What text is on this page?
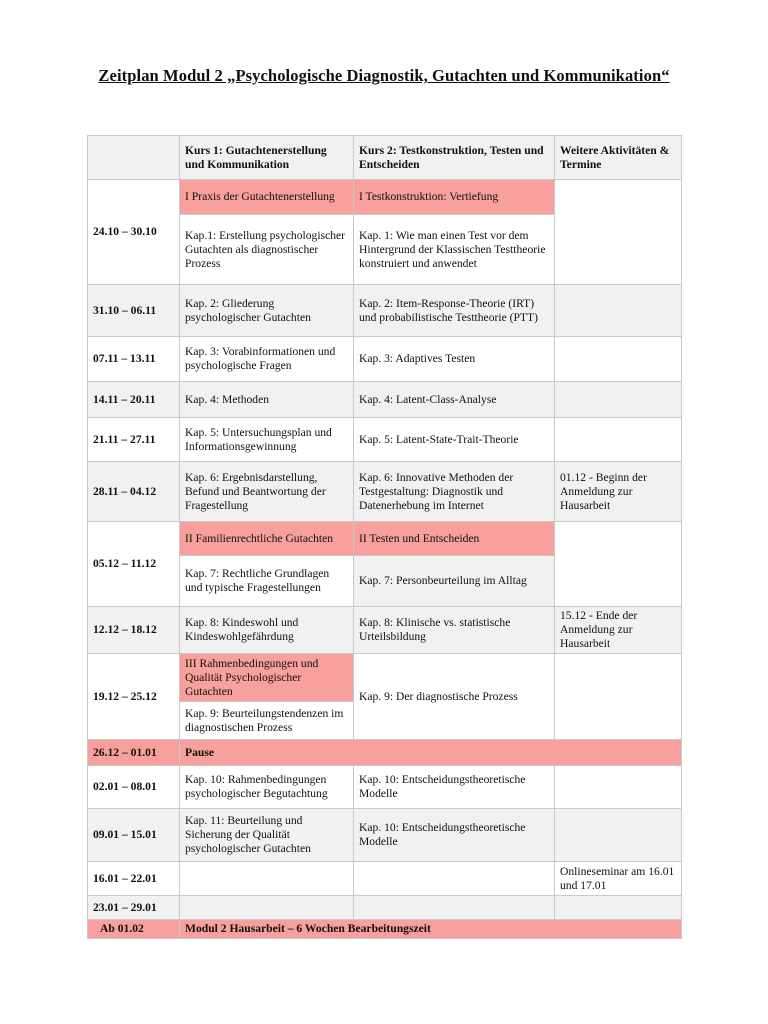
Zeitplan Modul 2 „Psychologische Diagnostik, Gutachten und Kommunikation“
	Kurs 1: Gutachtenerstellung und Kommunikation	Kurs 2: Testkonstruktion, Testen und Entscheiden	Weitere Aktivitäten & Termine
24.10 – 30.10	I Praxis der Gutachtenerstellung	I Testkonstruktion: Vertiefung	
	Kap.1: Erstellung psychologischer Gutachten als diagnostischer Prozess	Kap. 1: Wie man einen Test vor dem Hintergrund der Klassischen Testtheorie konstruiert und anwendet	
31.10 – 06.11	Kap. 2: Gliederung psychologischer Gutachten	Kap. 2: Item-Response-Theorie (IRT) und probabilistische Testtheorie (PTT)	
07.11 – 13.11	Kap. 3: Vorabinformationen und psychologische Fragen	Kap. 3: Adaptives Testen	
14.11 – 20.11	Kap. 4: Methoden	Kap. 4: Latent-Class-Analyse	
21.11 – 27.11	Kap. 5: Untersuchungsplan und Informationsgewinnung	Kap. 5: Latent-State-Trait-Theorie	
28.11 – 04.12	Kap. 6: Ergebnisdarstellung, Befund und Beantwortung der Fragestellung	Kap. 6: Innovative Methoden der Testgestaltung: Diagnostik und Datenerhebung im Internet	01.12 - Beginn der Anmeldung zur Hausarbeit
05.12 – 11.12	II Familienrechtliche Gutachten	II Testen und Entscheiden	
	Kap. 7: Rechtliche Grundlagen und typische Fragestellungen	Kap. 7: Personbeurteilung im Alltag	
12.12 – 18.12	Kap. 8: Kindeswohl und Kindeswohlgefährdung	Kap. 8: Klinische vs. statistische Urteilsbildung	15.12 - Ende der Anmeldung zur Hausarbeit
19.12 – 25.12	III Rahmenbedingungen und Qualität Psychologischer Gutachten	Kap. 9: Der diagnostische Prozess	
	Kap. 9: Beurteilungstendenzen im diagnostischen Prozess		
26.12 – 01.01	Pause		
02.01 – 08.01	Kap. 10: Rahmenbedingungen psychologischer Begutachtung	Kap. 10: Entscheidungstheoretische Modelle	
09.01 – 15.01	Kap. 11: Beurteilung und Sicherung der Qualität psychologischer Gutachten	Kap. 10: Entscheidungstheoretische Modelle	
16.01 – 22.01			Onlineseminar am 16.01 und 17.01
23.01 – 29.01			
Ab 01.02	Modul 2 Hausarbeit – 6 Wochen Bearbeitungszeit		
